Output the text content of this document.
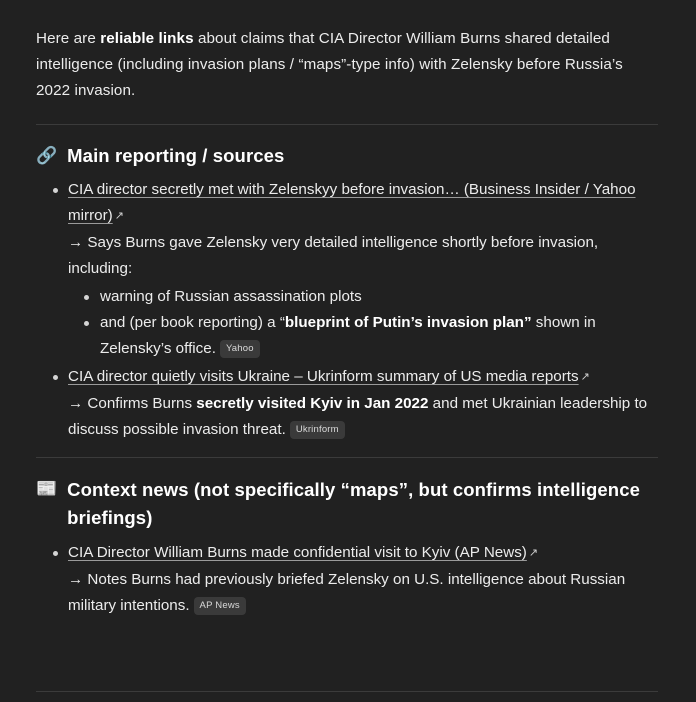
Here are reliable links about claims that CIA Director William Burns shared detailed intelligence (including invasion plans / “maps”-type info) with Zelensky before Russia’s 2022 invasion.

🔗 Main reporting / sources
CIA director secretly met with Zelenskyy before invasion… (Business Insider / Yahoo mirror) ↗
→ Says Burns gave Zelensky very detailed intelligence shortly before invasion, including:
warning of Russian assassination plots
and (per book reporting) a “blueprint of Putin’s invasion plan” shown in Zelensky’s office. Yahoo
CIA director quietly visits Ukraine – Ukrinform summary of US media reports ↗
→ Confirms Burns secretly visited Kyiv in Jan 2022 and met Ukrainian leadership to discuss possible invasion threat. Ukrinform
📰 Context news (not specifically “maps”, but confirms intelligence briefings)
CIA Director William Burns made confidential visit to Kyiv (AP News) ↗
→ Notes Burns had previously briefed Zelensky on U.S. intelligence about Russian military intentions. AP News
